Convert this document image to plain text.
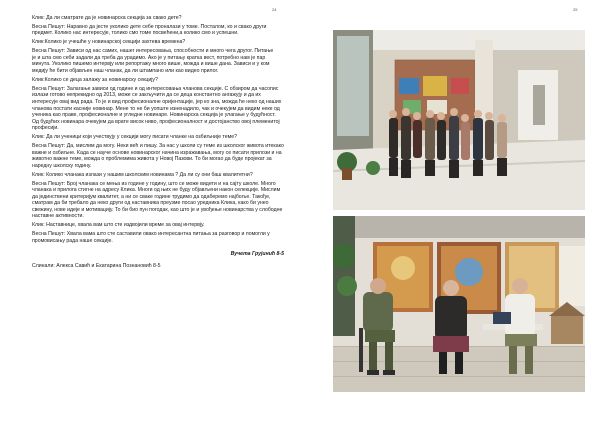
24

Клик: Да ли сматрате да је новинарска секција за свако дете?

Весна Пешут: Наравно да јесте уколико дете себе проналази у томе. Посталом, ко и свако други предмет. Колико нас интересује, толико смо томе посвећени,а колико смо и успешни.

Клик:Колико је учешће у новинарској секцији захтева времена?

Весна Пешут: Зависи од нас самих, нашег интересовања, способности и много чега другог. Питање

је и шта смо себи задали да треба да урадимо. Ако је у питању кратка вест, потребно нам је пар минута. Уколико пишемо интервју или репортажу много више, можда и вишe дана. Зависи и у ком медију ће бити објављен наш чланак, да ли штампано или као видео прилог.

Клик:Колико се деца залажу за новинарску секцију?

Весна Пешут: Залагање зависи од године и од интересовања чланова секције. С обзиром да часопис излази готово непрекидно од 2013, може се закључити да се деца константно ангажују и да их интересује овај вид рада. То је и вид професионалне оријентације, јер ко зна, можда ће неко од наших чланова постати касније новинар. Мене то не би уопште изненадило, чак и очекујем да видим неке од ученика као праве, професионалне и угледне новинаре. Новинарска секција је улагање у будућност. Од будућих новинара очекујем да врате висок ниво, професионалност и достојанство овој племенитој професији.

Клик: Да ли ученици који учествују у секцији могу писати чланке на озбиљније теме?

Весна Пешут: Да, мислим да могу. Неки већ и пишу. За нас у школи су теме из школског живота итекако важне и озбиљне. Када се науче основе новинарског начина изражавања, могу се писати прилози и на животно важне теме, можда о проблемима живота у Новој Пазови. То би могао да буде пројекат за наредну школску годину.

Клик: Колико чланака излази у нашим школским новинама ? Да ли су они баш квалитетни?

Весна Пешут: Број чланака се мења из године у годину, што се може видети и на сајту школе. Много чланака и прилога стигне на адресу Клика. Многи од њих не буду објављени након селекције. Мислим да јединствени критеријум квалитет, а ни се сваке године трудимо да одаберемо најбоље. Такође, сматрам да би требало да неко други од наставника преузме посао уредника Клика, како би унео свежину, нове идеје и мотивацију. То би био пун погодак, као што је и увођење новинарства у слободне наставне активности.

Клик: Наставнице, хвала вам што сте издвојили време за овај интервју.

Весна Пешут: Хвала вама што сте саставили овако интересантна питања за разговор и помогли у промовисању рада наше секције.

Вучета Грујинић 8-5

Слинали: Алекса Савић и Екатарина Познановић 8-5

25
